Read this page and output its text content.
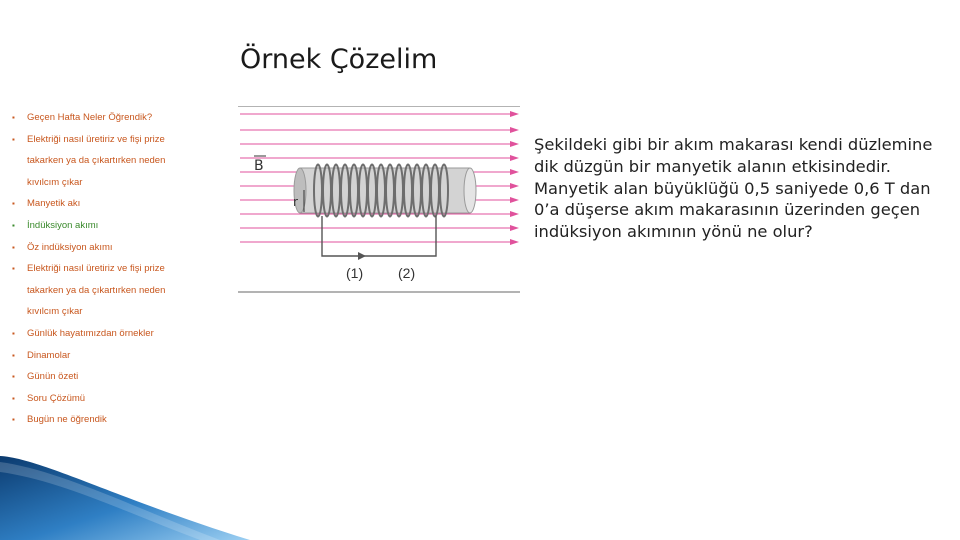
Örnek Çözelim
▪ Geçen Hafta Neler Öğrendik?
▪ Elektriği nasıl üretiriz ve fişi prize
takarken ya da çıkartırken neden
kıvılcım çıkar
▪ Manyetik akı
▪ İndüksiyon akımı
▪ Öz indüksiyon akımı
▪ Elektriği nasıl üretiriz ve fişi prize
takarken ya da çıkartırken neden
kıvılcım çıkar
▪ Günlük hayatımızdan örnekler
▪ Dinamolar
▪ Günün özeti
▪ Soru Çözümü
▪ Bugün ne öğrendik
r
B
(1) (2)
Şekildeki gibi bir akım makarası kendi düzlemine dik düzgün bir manyetik alanın etkisindedir. Manyetik alan büyüklüğü 0,5 saniyede 0,6 T dan 0’a düşerse akım makarasının üzerinden geçen indüksiyon akımının yönü ne olur?
